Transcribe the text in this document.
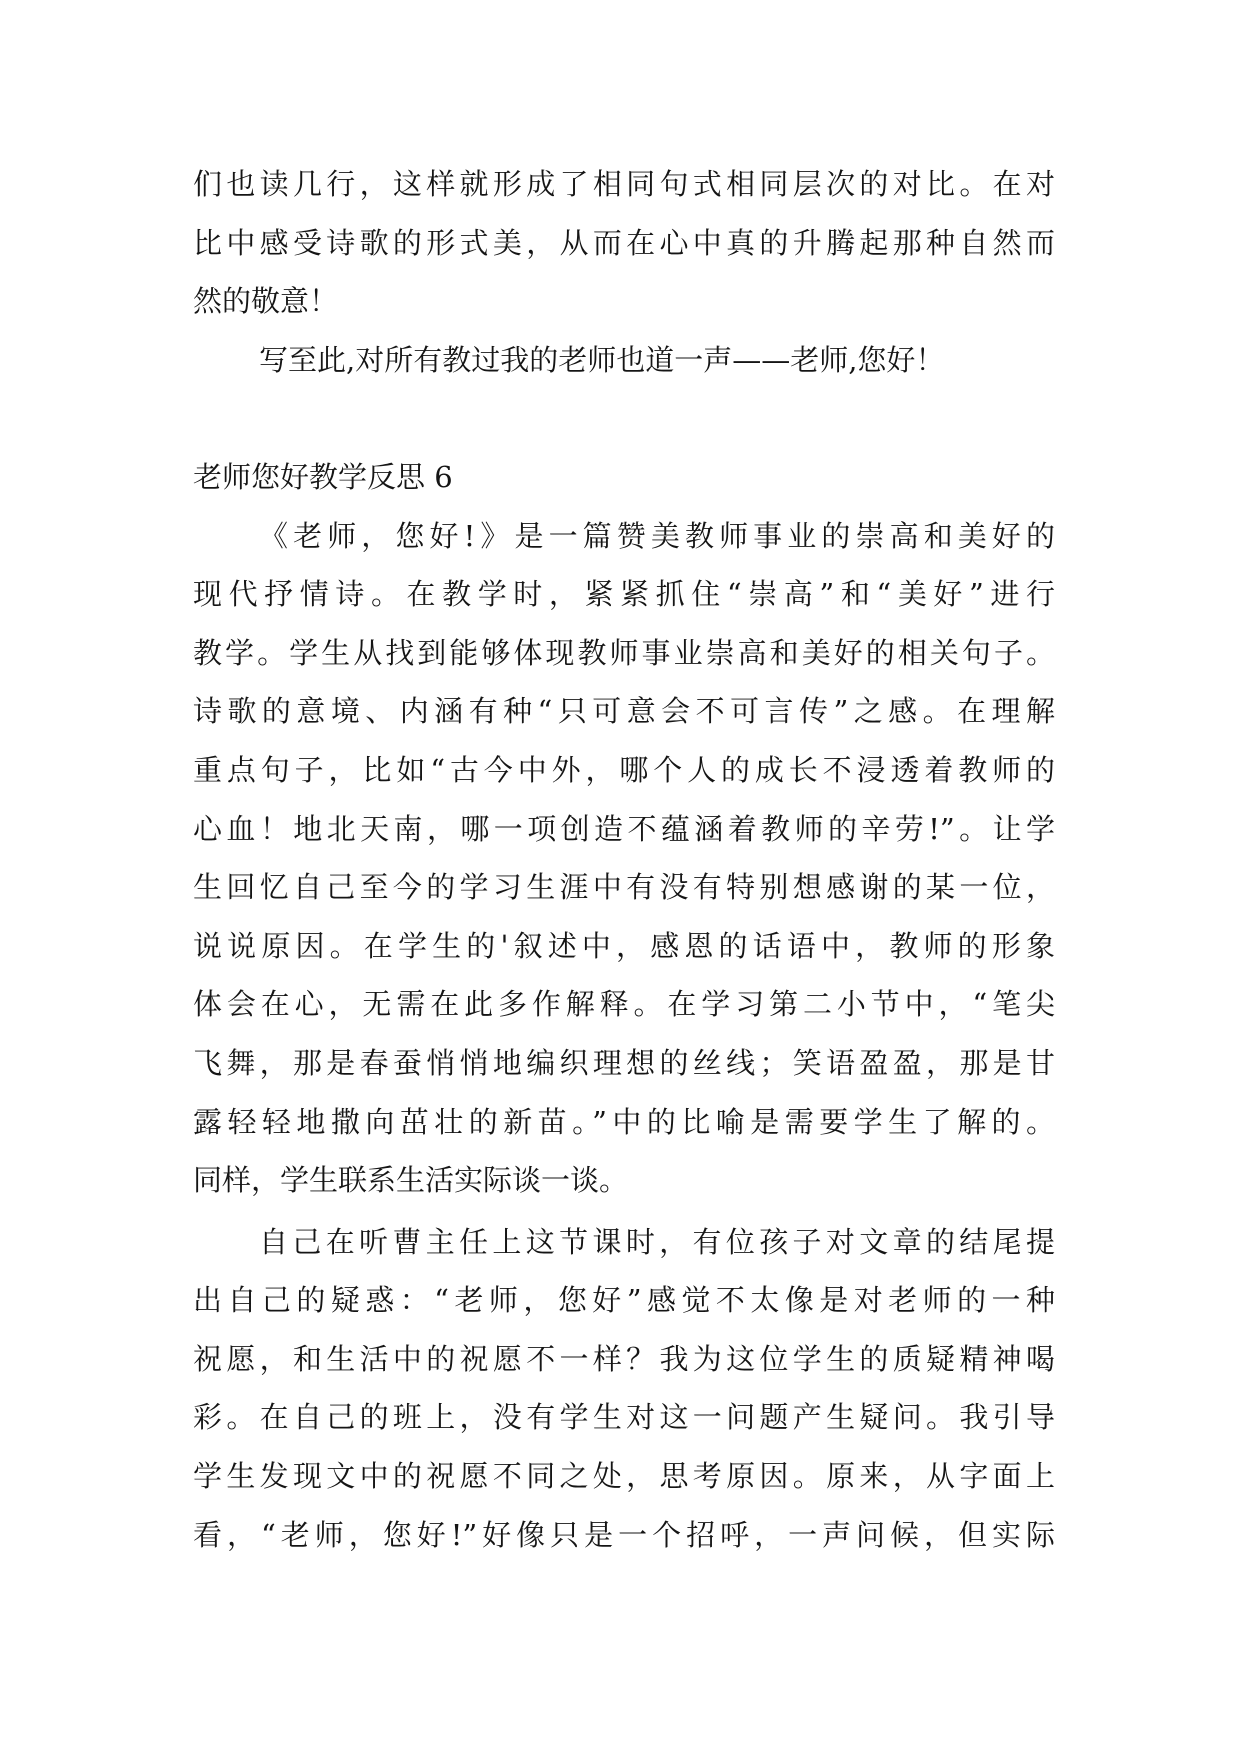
们也读几行，这样就形成了相同句式相同层次的对比。在对
比中感受诗歌的形式美，从而在心中真的升腾起那种自然而
然的敬意！
写至此,对所有教过我的老师也道一声——老师,您好！
老师您好教学反思 6
《老师，您好!》是一篇赞美教师事业的崇高和美好的
现代抒情诗。在教学时，紧紧抓住“崇高”和“美好”进行
教学。学生从找到能够体现教师事业崇高和美好的相关句子。
诗歌的意境、内涵有种“只可意会不可言传”之感。在理解
重点句子，比如“古今中外，哪个人的成长不浸透着教师的
心血！地北天南，哪一项创造不蕴涵着教师的辛劳!”。让学
生回忆自己至今的学习生涯中有没有特别想感谢的某一位，
说说原因。在学生的'叙述中，感恩的话语中，教师的形象
体会在心，无需在此多作解释。在学习第二小节中，“笔尖
飞舞，那是春蚕悄悄地编织理想的丝线；笑语盈盈，那是甘
露轻轻地撒向茁壮的新苗。”中的比喻是需要学生了解的。
同样，学生联系生活实际谈一谈。
自己在听曹主任上这节课时，有位孩子对文章的结尾提
出自己的疑惑：“老师，您好”感觉不太像是对老师的一种
祝愿，和生活中的祝愿不一样？我为这位学生的质疑精神喝
彩。在自己的班上，没有学生对这一问题产生疑问。我引导
学生发现文中的祝愿不同之处，思考原因。原来，从字面上
看，“老师，您好!”好像只是一个招呼，一声问候，但实际
